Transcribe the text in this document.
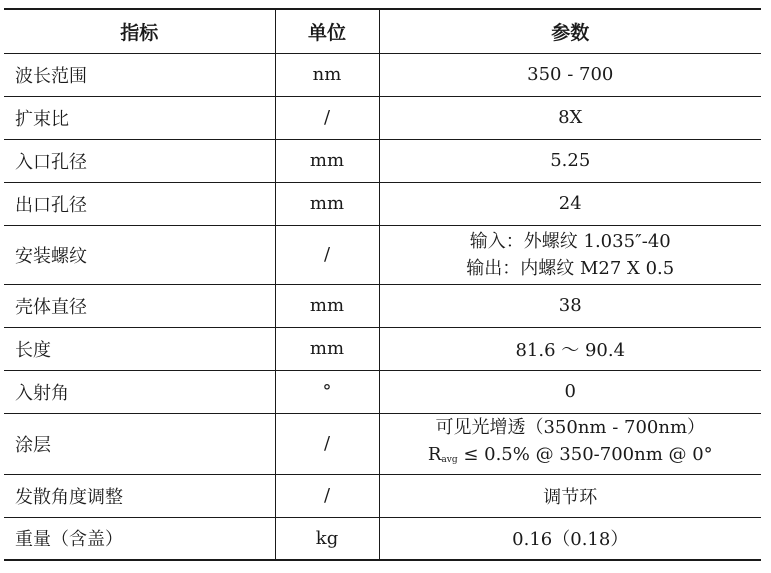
指标	单位	参数
波长范围	nm	350 - 700
扩束比	/	8X
入口孔径	mm	5.25
出口孔径	mm	24
安装螺纹	/	输入：外螺纹 1.035″-40
输出：内螺纹 M27 X 0.5

壳体直径	mm	38
长度	mm	81.6 ～ 90.4
入射角	°	0
涂层	/	可见光增透（350nm - 700nm）
$R_{avg} \le 0.5\%$ @ 350-700nm @ 0°

发散角度调整	/	调节环
重量（含盖）	kg	0.16（0.18）
